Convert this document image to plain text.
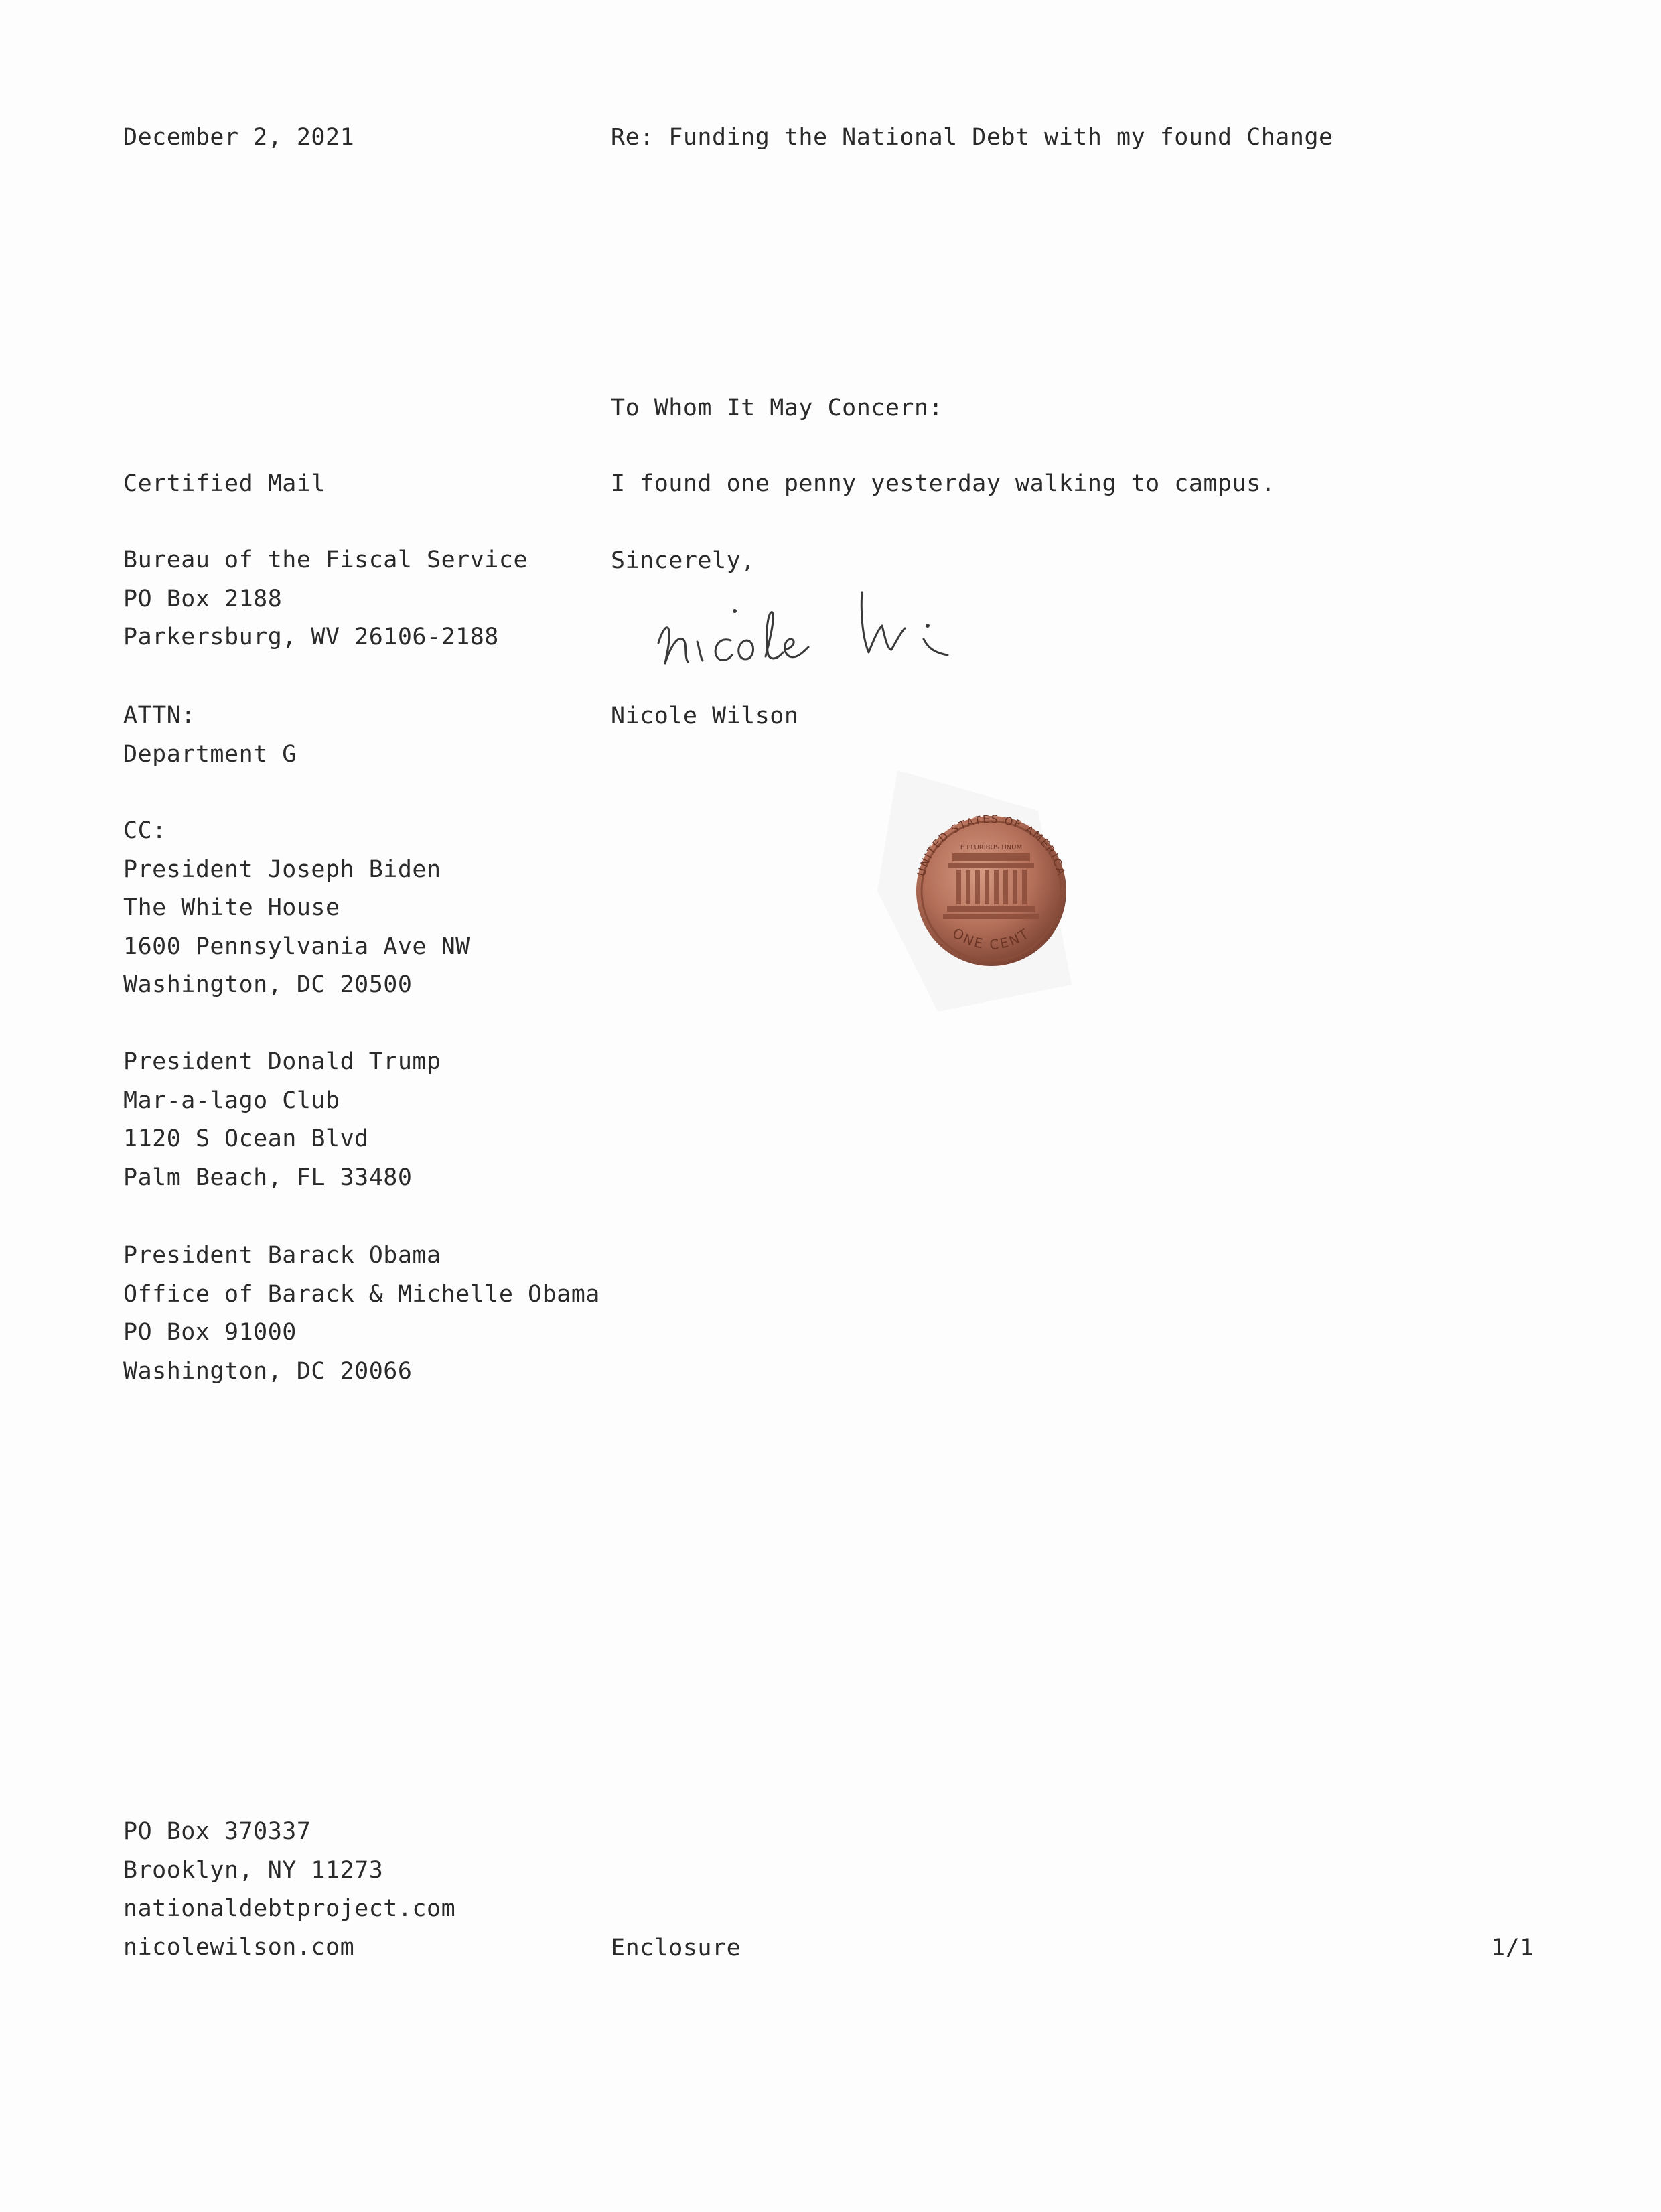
December 2, 2021	Re: Funding the National Debt with my found Change

To Whom It May Concern:

I found one penny yesterday walking to campus.

Sincerely,

Nicole Wilson

UNITED STATES OF AMERICA
E PLURIBUS UNUM
ONE CENT

Certified Mail

Bureau of the Fiscal Service
PO Box 2188
Parkersburg, WV 26106-2188
ATTN:
Department G
CC:
President Joseph Biden
The White House
1600 Pennsylvania Ave NW
Washington, DC 20500
President Donald Trump
Mar-a-lago Club
1120 S Ocean Blvd
Palm Beach, FL 33480
President Barack Obama
Office of Barack & Michelle Obama
PO Box 91000
Washington, DC 20066
PO Box 370337
Brooklyn, NY 11273
nationaldebtproject.com
nicolewilson.com	Enclosure	1/1
